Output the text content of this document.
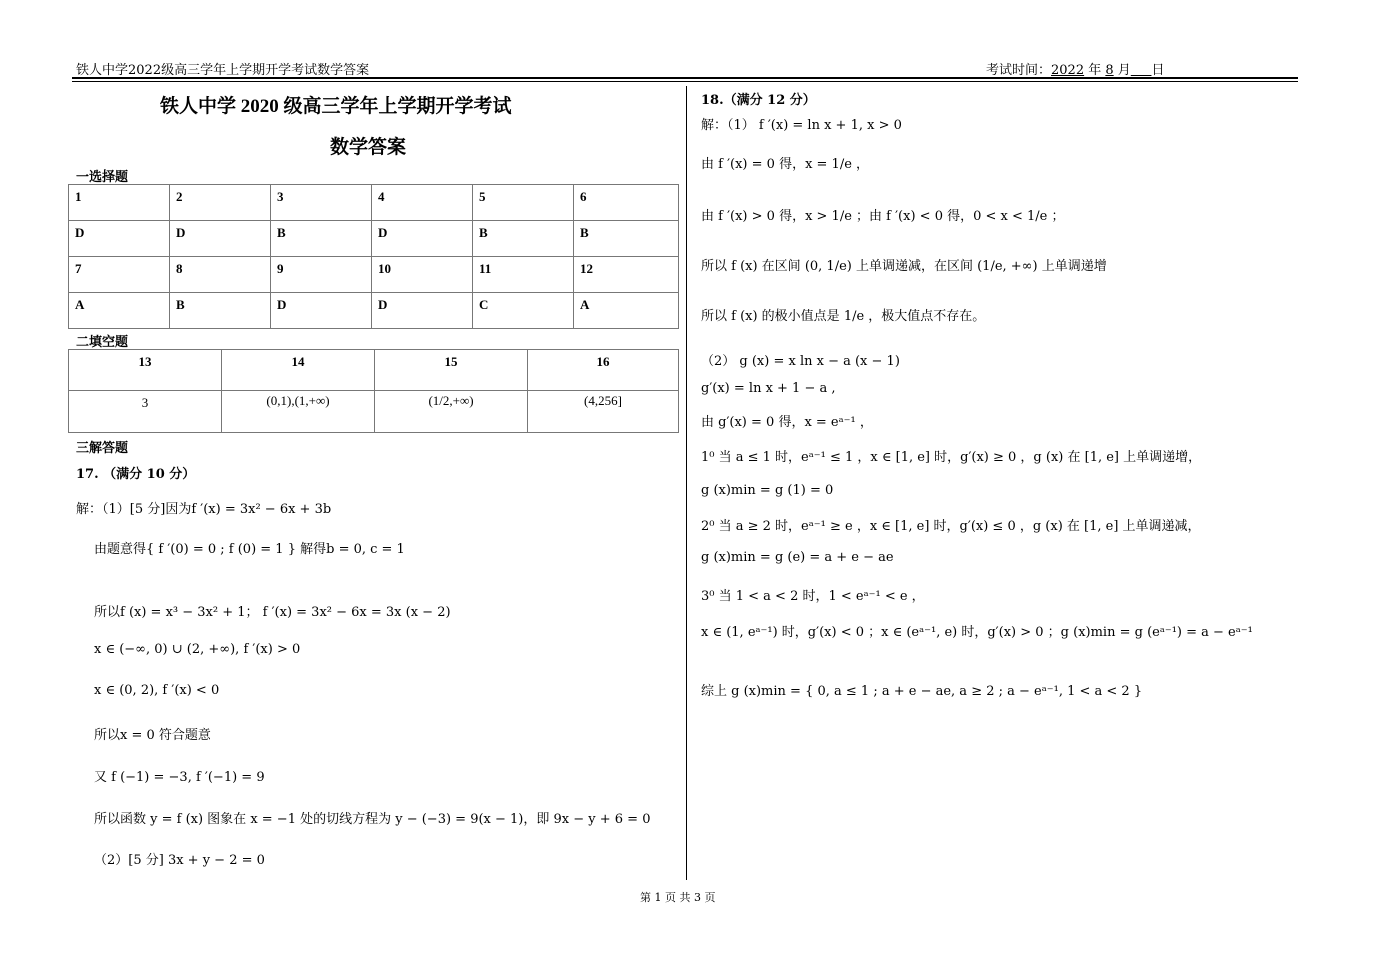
铁人中学2022级高三学年上学期开学考试数学答案	考试时间：2022 年 8 月 日
铁人中学 2020 级高三学年上学期开学考试
数学答案
一选择题
1	2	3	4	5	6
D	D	B	D	B	B
7	8	9	10	11	12
A	B	D	D	C	A
二填空题
13	14	15	16
3	(0,1),(1,+∞)	(1/2,+∞)	(4,256]
三解答题
17. （满分 10 分）
解：（1）[5 分]因为f ′(x) = 3x² − 6x + 3b
由题意得{ f ′(0) = 0 ; f (0) = 1 } 解得b = 0, c = 1
所以f (x) = x³ − 3x² + 1； f ′(x) = 3x² − 6x = 3x (x − 2)
x ∈ (−∞, 0) ∪ (2, +∞), f ′(x) > 0
x ∈ (0, 2), f ′(x) < 0
所以x = 0 符合题意
又 f (−1) = −3, f ′(−1) = 9
所以函数 y = f (x) 图象在 x = −1 处的切线方程为 y − (−3) = 9(x − 1)，即 9x − y + 6 = 0
（2）[5 分] 3x + y − 2 = 0
18.（满分 12 分）
解：（1） f ′(x) = ln x + 1, x > 0
由 f ′(x) = 0 得，x = 1/e ，
由 f ′(x) > 0 得，x > 1/e ；由 f ′(x) < 0 得，0 < x < 1/e ；
所以 f (x) 在区间 (0, 1/e) 上单调递减，在区间 (1/e, +∞) 上单调递增
所以 f (x) 的极小值点是 1/e ，极大值点不存在。
（2） g (x) = x ln x − a (x − 1)
g′(x) = ln x + 1 − a ,
由 g′(x) = 0 得，x = eᵃ⁻¹ ，
1⁰ 当 a ≤ 1 时，eᵃ⁻¹ ≤ 1 ，x ∈ [1, e] 时，g′(x) ≥ 0 ，g (x) 在 [1, e] 上单调递增，
g (x)min = g (1) = 0
2⁰ 当 a ≥ 2 时，eᵃ⁻¹ ≥ e ，x ∈ [1, e] 时，g′(x) ≤ 0 ，g (x) 在 [1, e] 上单调递减，
g (x)min = g (e) = a + e − ae
3⁰ 当 1 < a < 2 时，1 < eᵃ⁻¹ < e ，
x ∈ (1, eᵃ⁻¹) 时，g′(x) < 0 ；x ∈ (eᵃ⁻¹, e) 时，g′(x) > 0 ；g (x)min = g (eᵃ⁻¹) = a − eᵃ⁻¹
综上 g (x)min = { 0, a ≤ 1 ; a + e − ae, a ≥ 2 ; a − eᵃ⁻¹, 1 < a < 2 }
第 1 页 共 3 页
